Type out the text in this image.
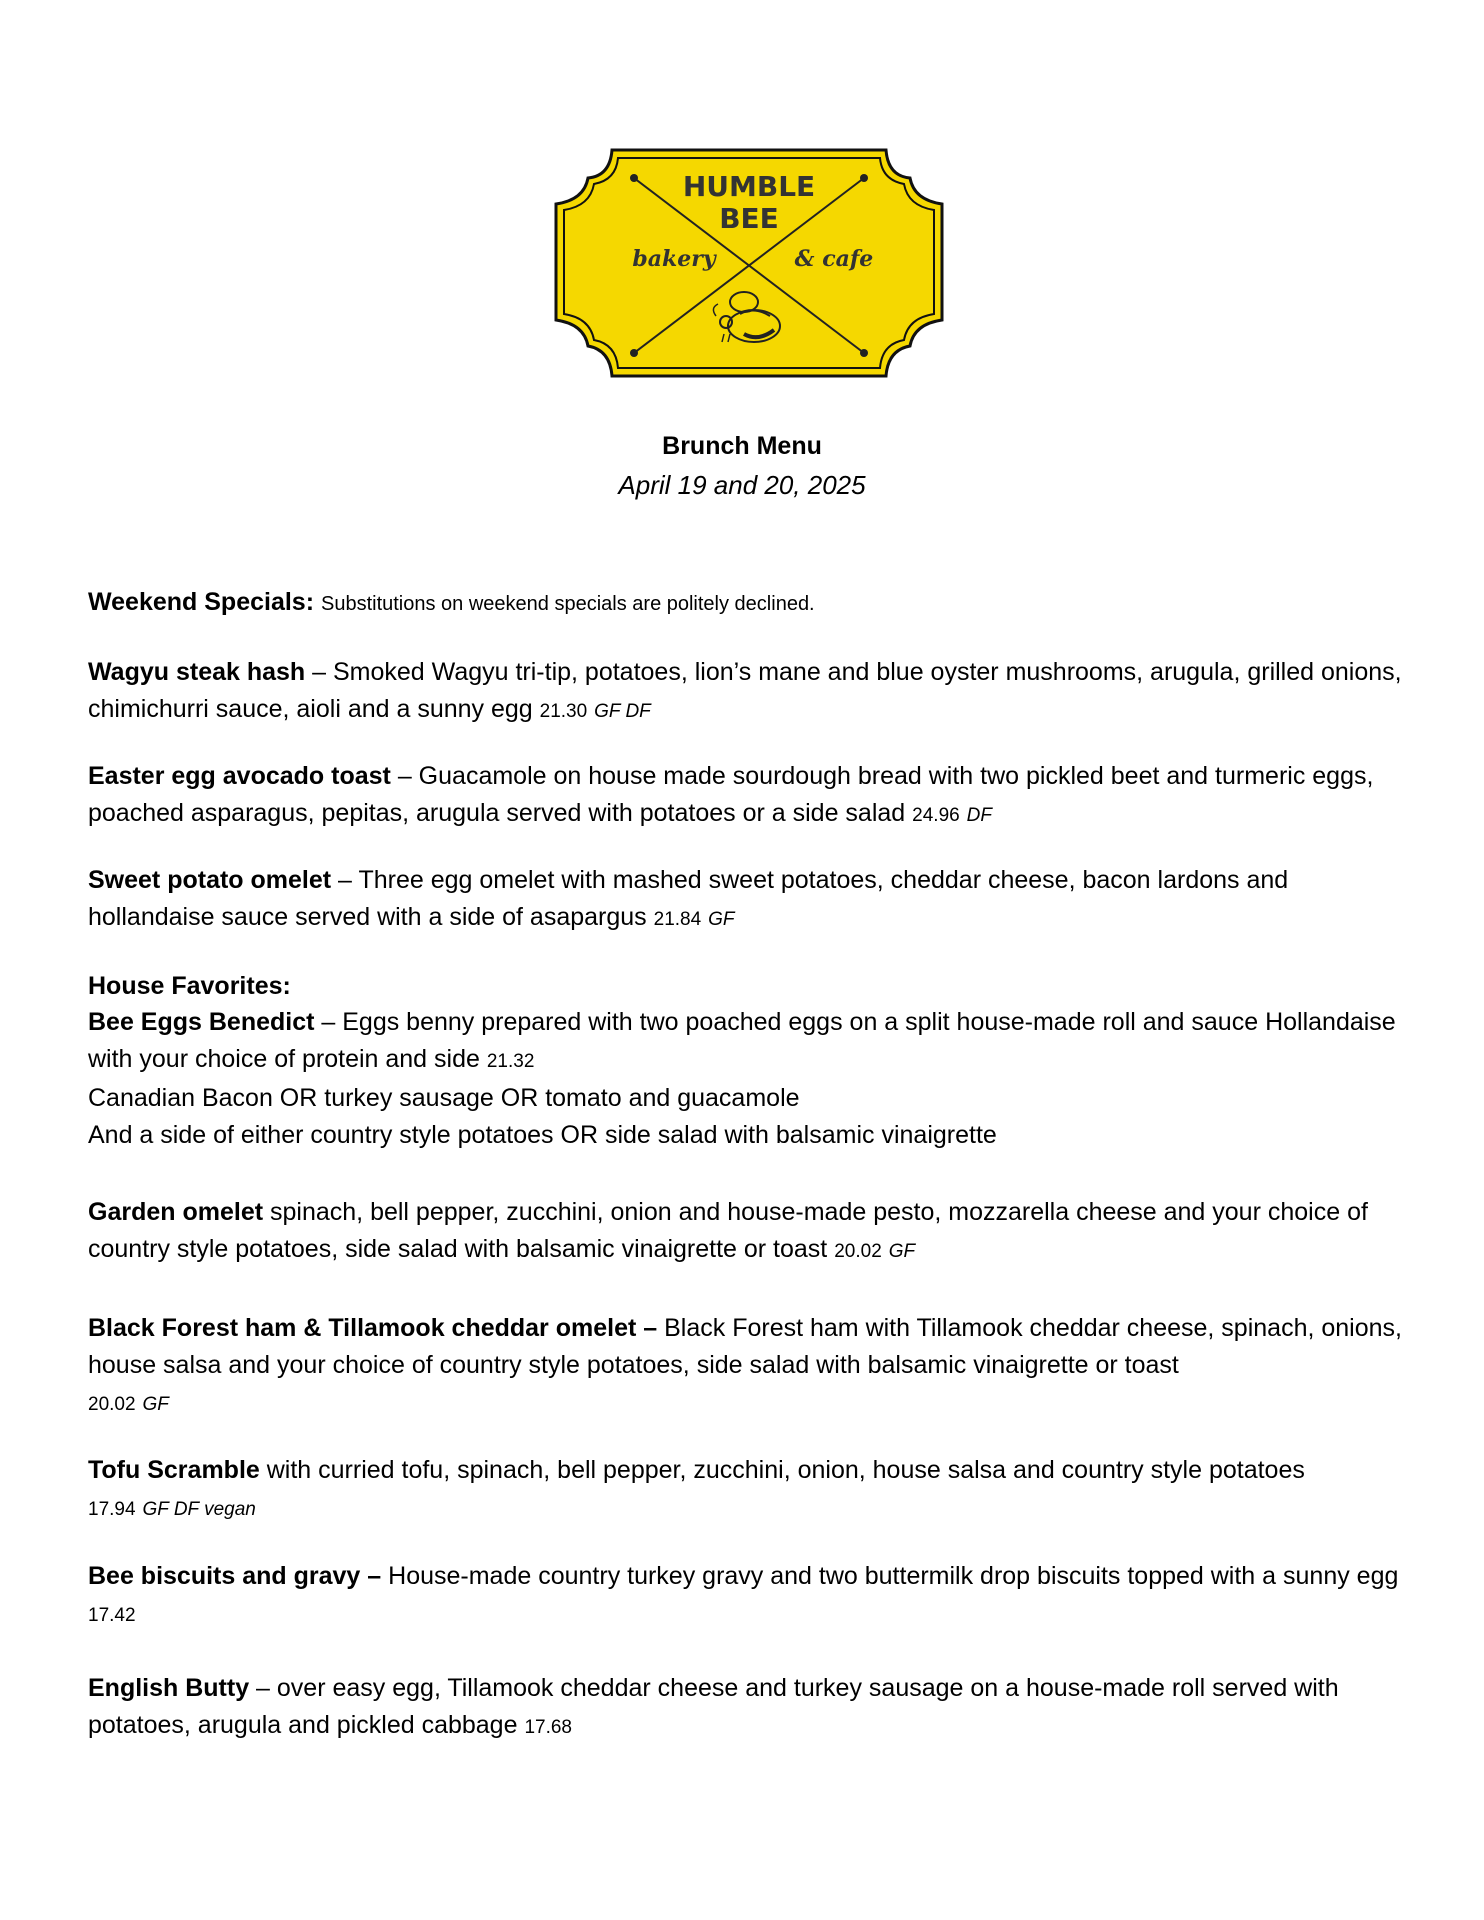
HUMBLE
BEE
bakery	& cafe
Brunch Menu
April 19 and 20, 2025
Weekend Specials: Substitutions on weekend specials are politely declined.
Wagyu steak hash – Smoked Wagyu tri-tip, potatoes, lion’s mane and blue oyster mushrooms, arugula, grilled onions, chimichurri sauce, aioli and a sunny egg 21.30 GF DF
Easter egg avocado toast – Guacamole on house made sourdough bread with two pickled beet and turmeric eggs, poached asparagus, pepitas, arugula served with potatoes or a side salad 24.96 DF
Sweet potato omelet – Three egg omelet with mashed sweet potatoes, cheddar cheese, bacon lardons and hollandaise sauce served with a side of asapargus 21.84 GF
House Favorites:
Bee Eggs Benedict – Eggs benny prepared with two poached eggs on a split house-made roll and sauce Hollandaise with your choice of protein and side 21.32
Canadian Bacon OR turkey sausage OR tomato and guacamole
And a side of either country style potatoes OR side salad with balsamic vinaigrette
Garden omelet spinach, bell pepper, zucchini, onion and house-made pesto, mozzarella cheese and your choice of country style potatoes, side salad with balsamic vinaigrette or toast 20.02 GF
Black Forest ham & Tillamook cheddar omelet – Black Forest ham with Tillamook cheddar cheese, spinach, onions, house salsa and your choice of country style potatoes, side salad with balsamic vinaigrette or toast
20.02 GF
Tofu Scramble with curried tofu, spinach, bell pepper, zucchini, onion, house salsa and country style potatoes
17.94 GF DF vegan
Bee biscuits and gravy – House-made country turkey gravy and two buttermilk drop biscuits topped with a sunny egg 17.42
English Butty – over easy egg, Tillamook cheddar cheese and turkey sausage on a house-made roll served with potatoes, arugula and pickled cabbage 17.68
